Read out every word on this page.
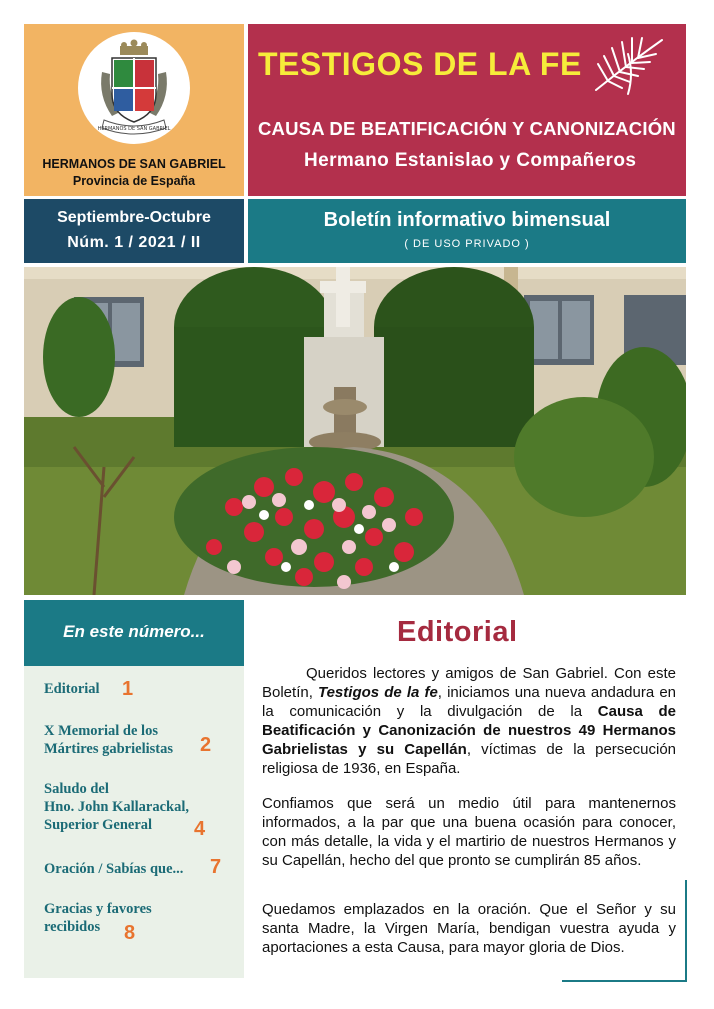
HERMANOS DE SAN GABRIEL
HERMANOS DE SAN GABRIEL
Provincia de España
TESTIGOS DE LA FE
CAUSA DE BEATIFICACIÓN Y CANONIZACIÓN
Hermano Estanislao y Compañeros
Septiembre-Octubre
Núm. 1 / 2021 / II
Boletín informativo bimensual
( DE USO PRIVADO )
En este número...
Editorial 1
X Memorial de los
Mártires gabrielistas 2
Saludo del
Hno. John Kallarackal,
Superior General	4
Oración / Sabías que... 7
Gracias y favores
recibidos	8
Editorial
Queridos lectores y amigos de San Gabriel. Con este Boletín, Testigos de la fe, iniciamos una nueva andadura en la comunicación y la divulgación de la Causa de Beatificación y Canonización de nuestros 49 Hermanos Gabrielistas y su Capellán, víctimas de la persecución religiosa de 1936, en España.
Confiamos que será un medio útil para mantenernos informados, a la par que una buena ocasión para conocer, con más detalle, la vida y el martirio de nuestros Hermanos y su Capellán, hecho del que pronto se cumplirán 85 años.
Quedamos emplazados en la oración. Que el Señor y su santa Madre, la Virgen María, bendigan vuestra ayuda y aportaciones a esta Causa, para mayor gloria de Dios.
